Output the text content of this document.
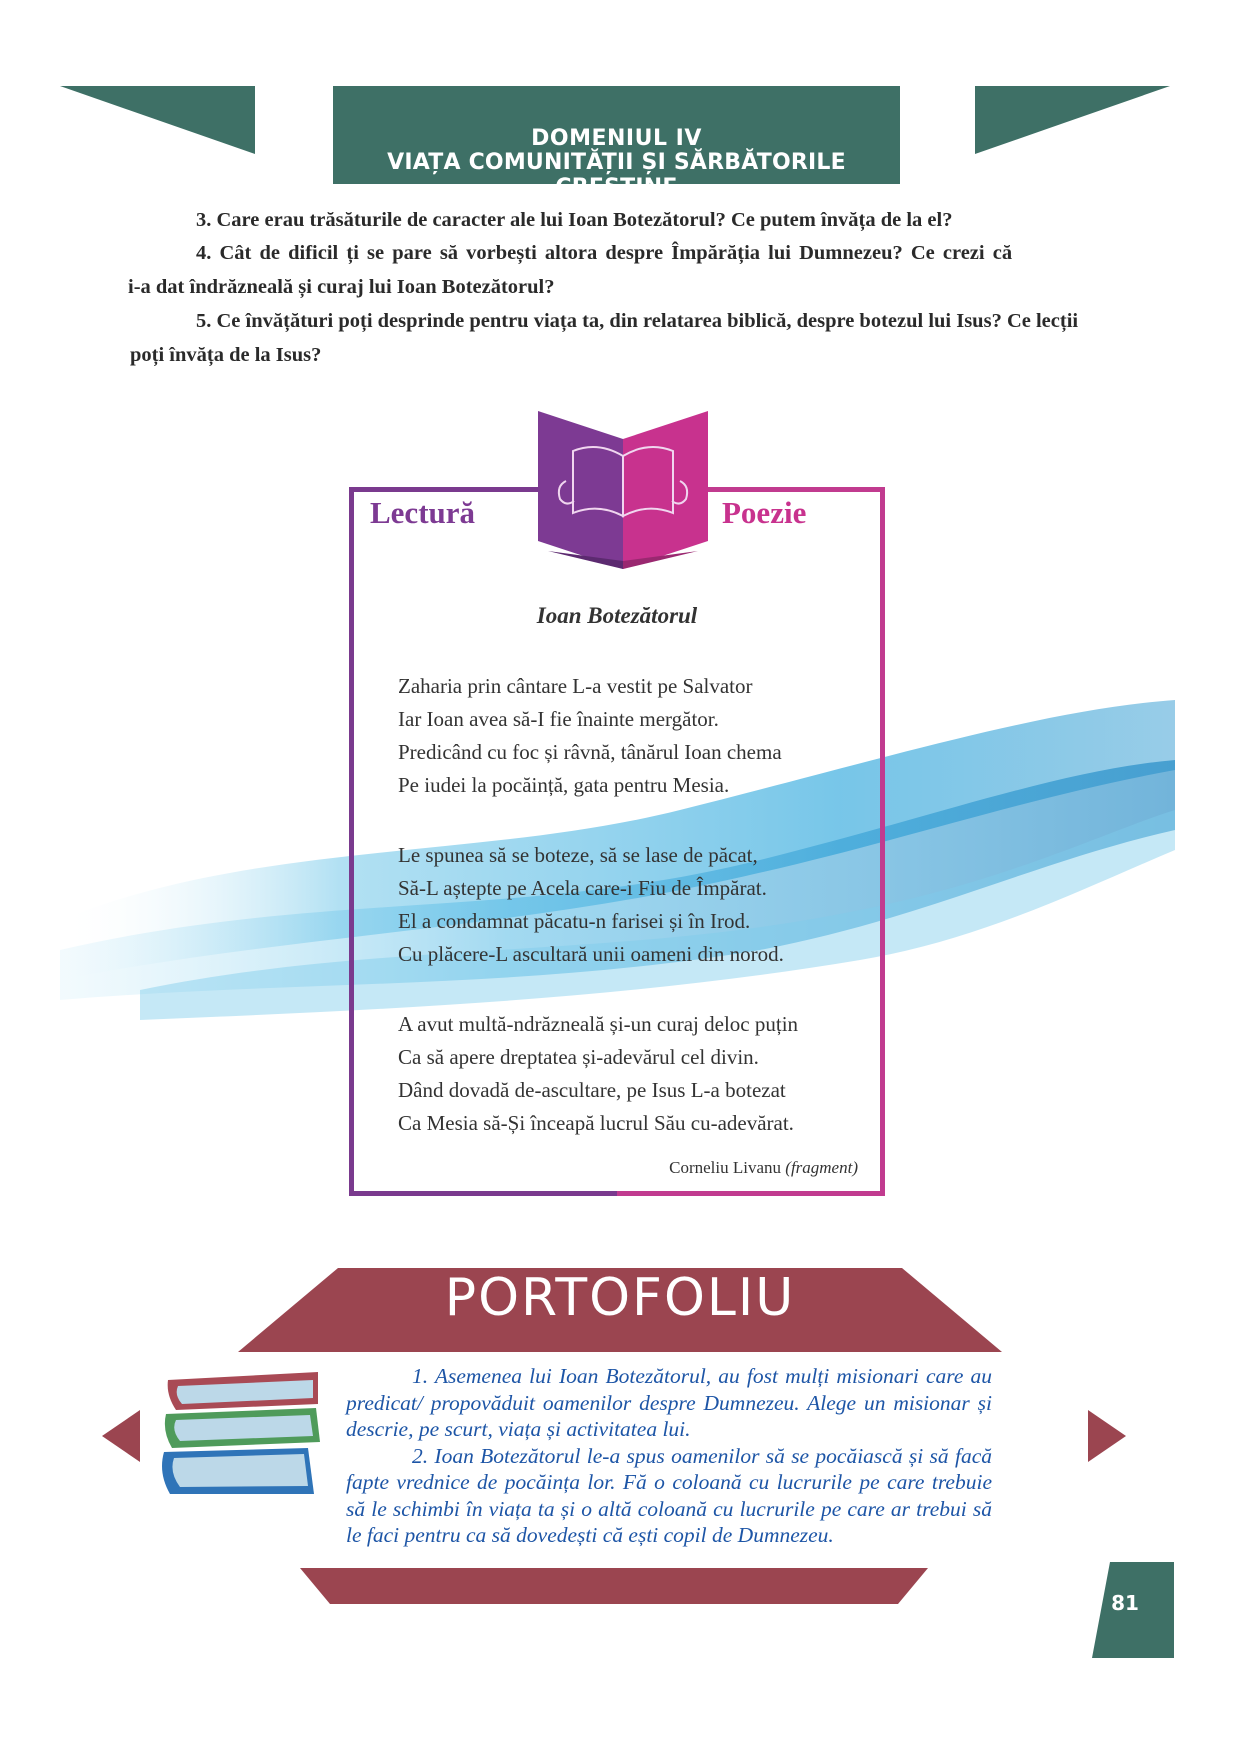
DOMENIUL IV
VIAȚA COMUNITĂȚII ȘI SĂRBĂTORILE CREȘTINE
3. Care erau trăsăturile de caracter ale lui Ioan Botezătorul? Ce putem învăța de la el?
4. Cât de dificil ți se pare să vorbești altora despre Împărăția lui Dumnezeu? Ce crezi că
i-a dat îndrăzneală și curaj lui Ioan Botezătorul?
5. Ce învățături poți desprinde pentru viața ta, din relatarea biblică, despre botezul lui Isus? Ce lecții
poți învăța de la Isus?
Lectură	Poezie
Ioan Botezătorul
Zaharia prin cântare L-a vestit pe Salvator
Iar Ioan avea să-I fie înainte mergător.
Predicând cu foc și râvnă, tânărul Ioan chema
Pe iudei la pocăință, gata pentru Mesia.
Le spunea să se boteze, să se lase de păcat,
Să-L aștepte pe Acela care-i Fiu de Împărat.
El a condamnat păcatu-n farisei și în Irod.
Cu plăcere-L ascultară unii oameni din norod.
A avut multă-ndrăzneală și-un curaj deloc puțin
Ca să apere dreptatea și-adevărul cel divin.
Dând dovadă de-ascultare, pe Isus L-a botezat
Ca Mesia să-Și înceapă lucrul Său cu-adevărat.
Corneliu Livanu (fragment)
PORTOFOLIU

1. Asemenea lui Ioan Botezătorul, au fost mulți misionari care au predicat/ propovăduit oamenilor despre Dumnezeu. Alege un misionar și descrie, pe scurt, viața și activitatea lui.

2. Ioan Botezătorul le-a spus oamenilor să se pocăiască și să facă fapte vrednice de pocăința lor. Fă o coloană cu lucrurile pe care trebuie să le schimbi în viața ta și o altă coloană cu lucrurile pe care ar trebui să le faci pentru ca să dovedești că ești copil de Dumnezeu.

81
